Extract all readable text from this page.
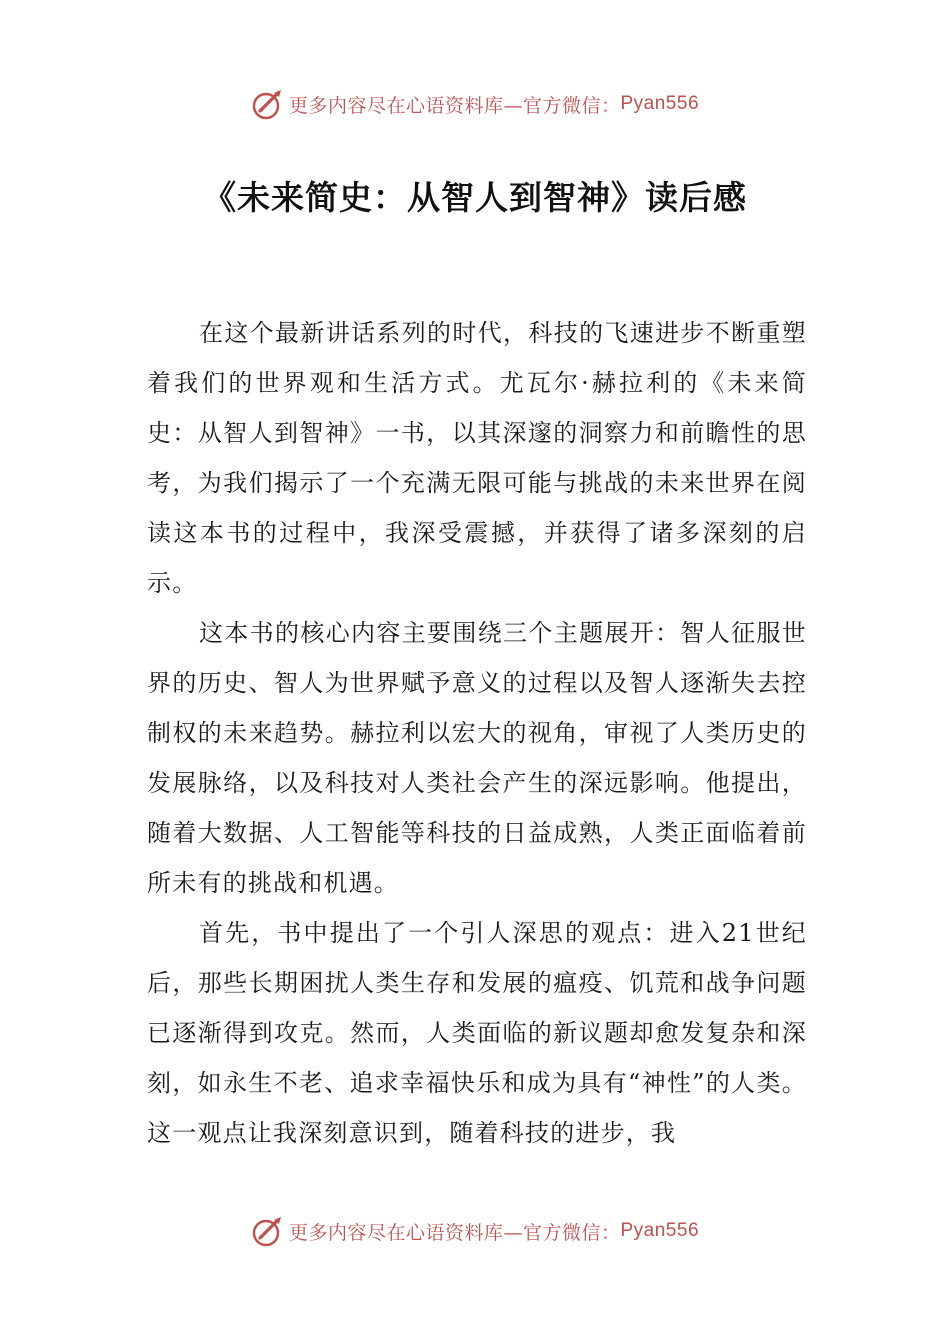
更多内容尽在心语资料库—官方微信： Pyan556
《未来简史：从智人到智神》读后感

在这个最新讲话系列的时代，科技的飞速进步不断重塑着我们的世界观和生活方式。尤瓦尔·赫拉利的《未来简史：从智人到智神》一书，以其深邃的洞察力和前瞻性的思考，为我们揭示了一个充满无限可能与挑战的未来世界在阅读这本书的过程中，我深受震撼，并获得了诸多深刻的启示。

这本书的核心内容主要围绕三个主题展开：智人征服世界的历史、智人为世界赋予意义的过程以及智人逐渐失去控制权的未来趋势。赫拉利以宏大的视角，审视了人类历史的发展脉络，以及科技对人类社会产生的深远影响。他提出，随着大数据、人工智能等科技的日益成熟，人类正面临着前所未有的挑战和机遇。

首先，书中提出了一个引人深思的观点：进入21世纪后，那些长期困扰人类生存和发展的瘟疫、饥荒和战争问题已逐渐得到攻克。然而，人类面临的新议题却愈发复杂和深刻，如永生不老、追求幸福快乐和成为具有“神性”的人类。这一观点让我深刻意识到，随着科技的进步，我

更多内容尽在心语资料库—官方微信： Pyan556
